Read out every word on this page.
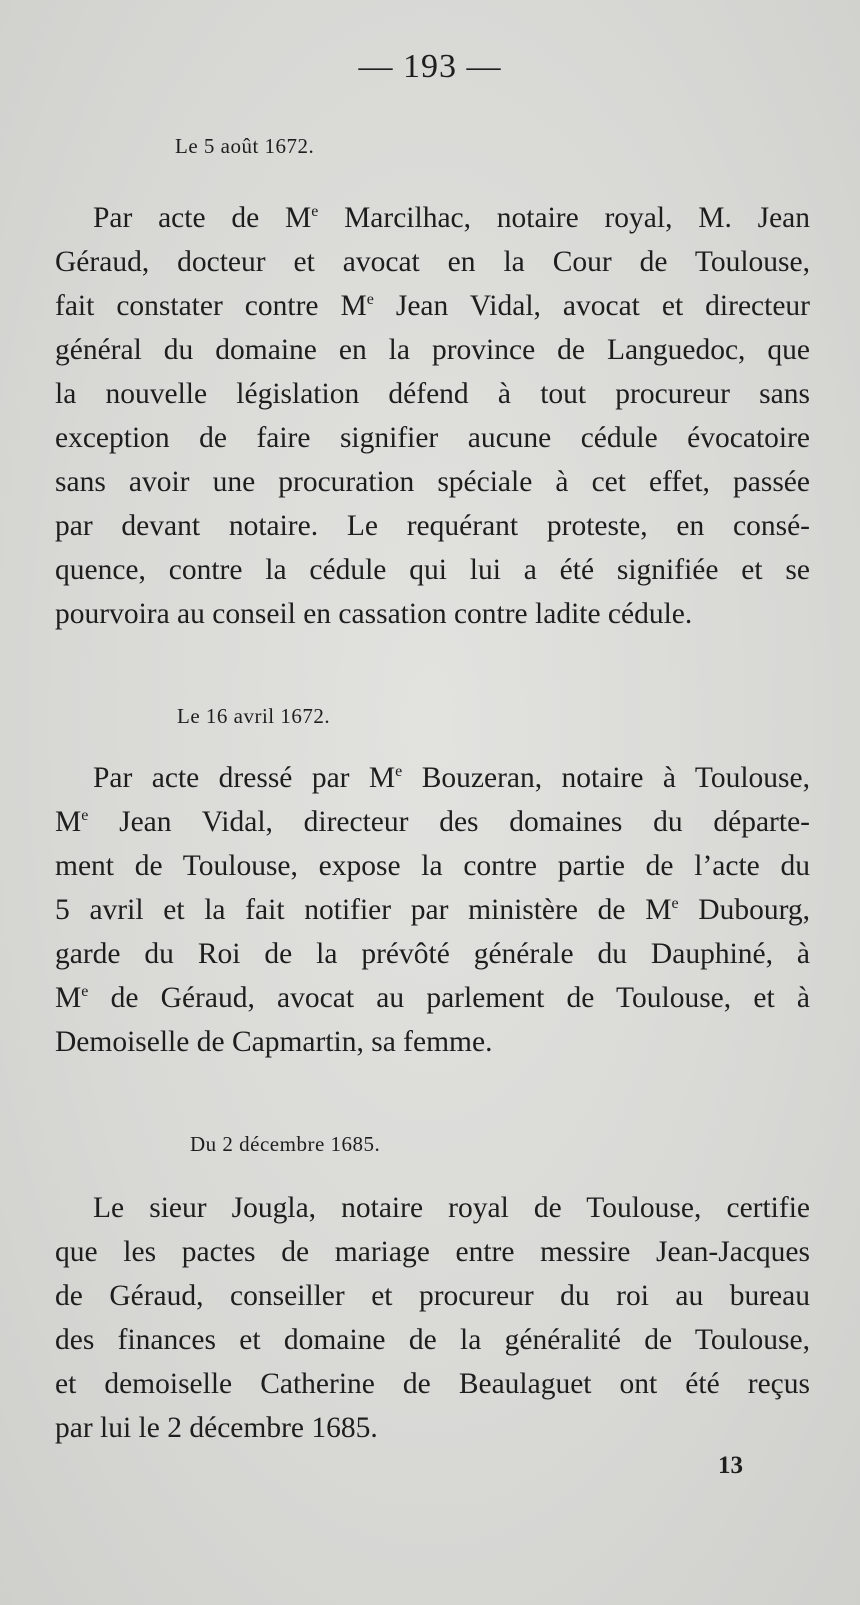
— 193 —
Le 5 août 1672.
Par acte de Me Marcilhac, notaire royal, M. Jean
Géraud, docteur et avocat en la Cour de Toulouse,
fait constater contre Me Jean Vidal, avocat et directeur
général du domaine en la province de Languedoc, que
la nouvelle législation défend à tout procureur sans
exception de faire signifier aucune cédule évocatoire
sans avoir une procuration spéciale à cet effet, passée
par devant notaire. Le requérant proteste, en consé-
quence, contre la cédule qui lui a été signifiée et se
pourvoira au conseil en cassation contre ladite cédule.
Le 16 avril 1672.
Par acte dressé par Me Bouzeran, notaire à Toulouse,
Me Jean Vidal, directeur des domaines du départe-
ment de Toulouse, expose la contre partie de l’acte du
5 avril et la fait notifier par ministère de Me Dubourg,
garde du Roi de la prévôté générale du Dauphiné, à
Me de Géraud, avocat au parlement de Toulouse, et à
Demoiselle de Capmartin, sa femme.
Du 2 décembre 1685.
Le sieur Jougla, notaire royal de Toulouse, certifie
que les pactes de mariage entre messire Jean-Jacques
de Géraud, conseiller et procureur du roi au bureau
des finances et domaine de la généralité de Toulouse,
et demoiselle Catherine de Beaulaguet ont été reçus
par lui le 2 décembre 1685.
13
